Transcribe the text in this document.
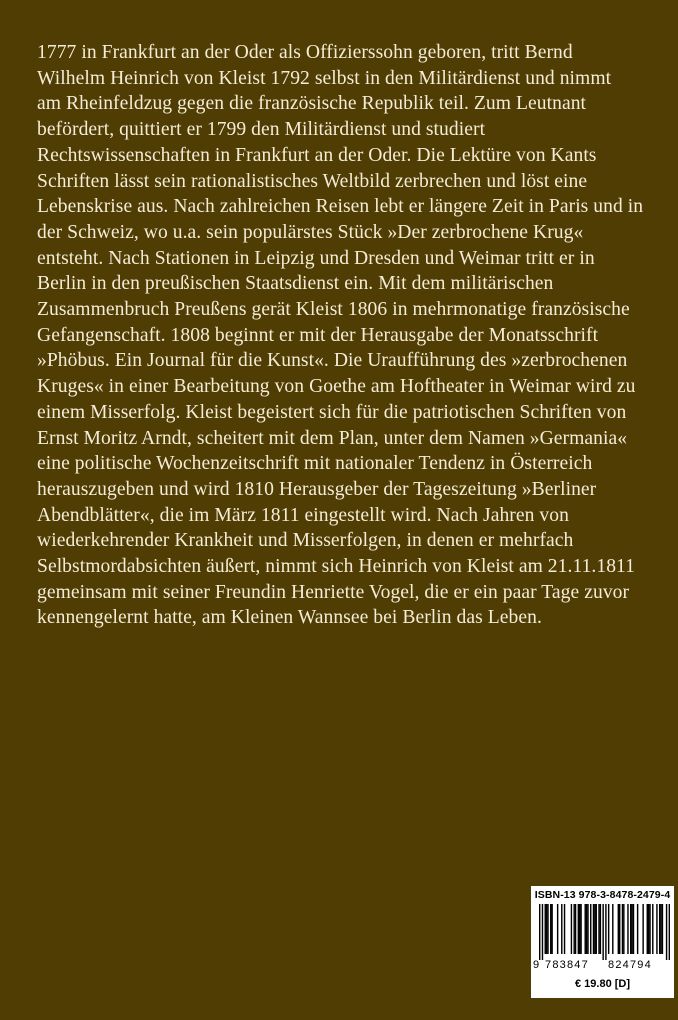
1777 in Frankfurt an der Oder als Offizierssohn geboren, tritt Bernd
Wilhelm Heinrich von Kleist 1792 selbst in den Militärdienst und nimmt
am Rheinfeldzug gegen die französische Republik teil. Zum Leutnant
befördert, quittiert er 1799 den Militärdienst und studiert
Rechtswissenschaften in Frankfurt an der Oder. Die Lektüre von Kants
Schriften lässt sein rationalistisches Weltbild zerbrechen und löst eine
Lebenskrise aus. Nach zahlreichen Reisen lebt er längere Zeit in Paris und in
der Schweiz, wo u.a. sein populärstes Stück »Der zerbrochene Krug«
entsteht. Nach Stationen in Leipzig und Dresden und Weimar tritt er in
Berlin in den preußischen Staatsdienst ein. Mit dem militärischen
Zusammenbruch Preußens gerät Kleist 1806 in mehrmonatige französische
Gefangenschaft. 1808 beginnt er mit der Herausgabe der Monatsschrift
»Phöbus. Ein Journal für die Kunst«. Die Uraufführung des »zerbrochenen
Kruges« in einer Bearbeitung von Goethe am Hoftheater in Weimar wird zu
einem Misserfolg. Kleist begeistert sich für die patriotischen Schriften von
Ernst Moritz Arndt, scheitert mit dem Plan, unter dem Namen »Germania«
eine politische Wochenzeitschrift mit nationaler Tendenz in Österreich
herauszugeben und wird 1810 Herausgeber der Tageszeitung »Berliner
Abendblätter«, die im März 1811 eingestellt wird. Nach Jahren von
wiederkehrender Krankheit und Misserfolgen, in denen er mehrfach
Selbstmordabsichten äußert, nimmt sich Heinrich von Kleist am 21.11.1811
gemeinsam mit seiner Freundin Henriette Vogel, die er ein paar Tage zuvor
kennengelernt hatte, am Kleinen Wannsee bei Berlin das Leben.

ISBN-13 978-3-8478-2479-4
9 783847 824794
€ 19.80 [D]
